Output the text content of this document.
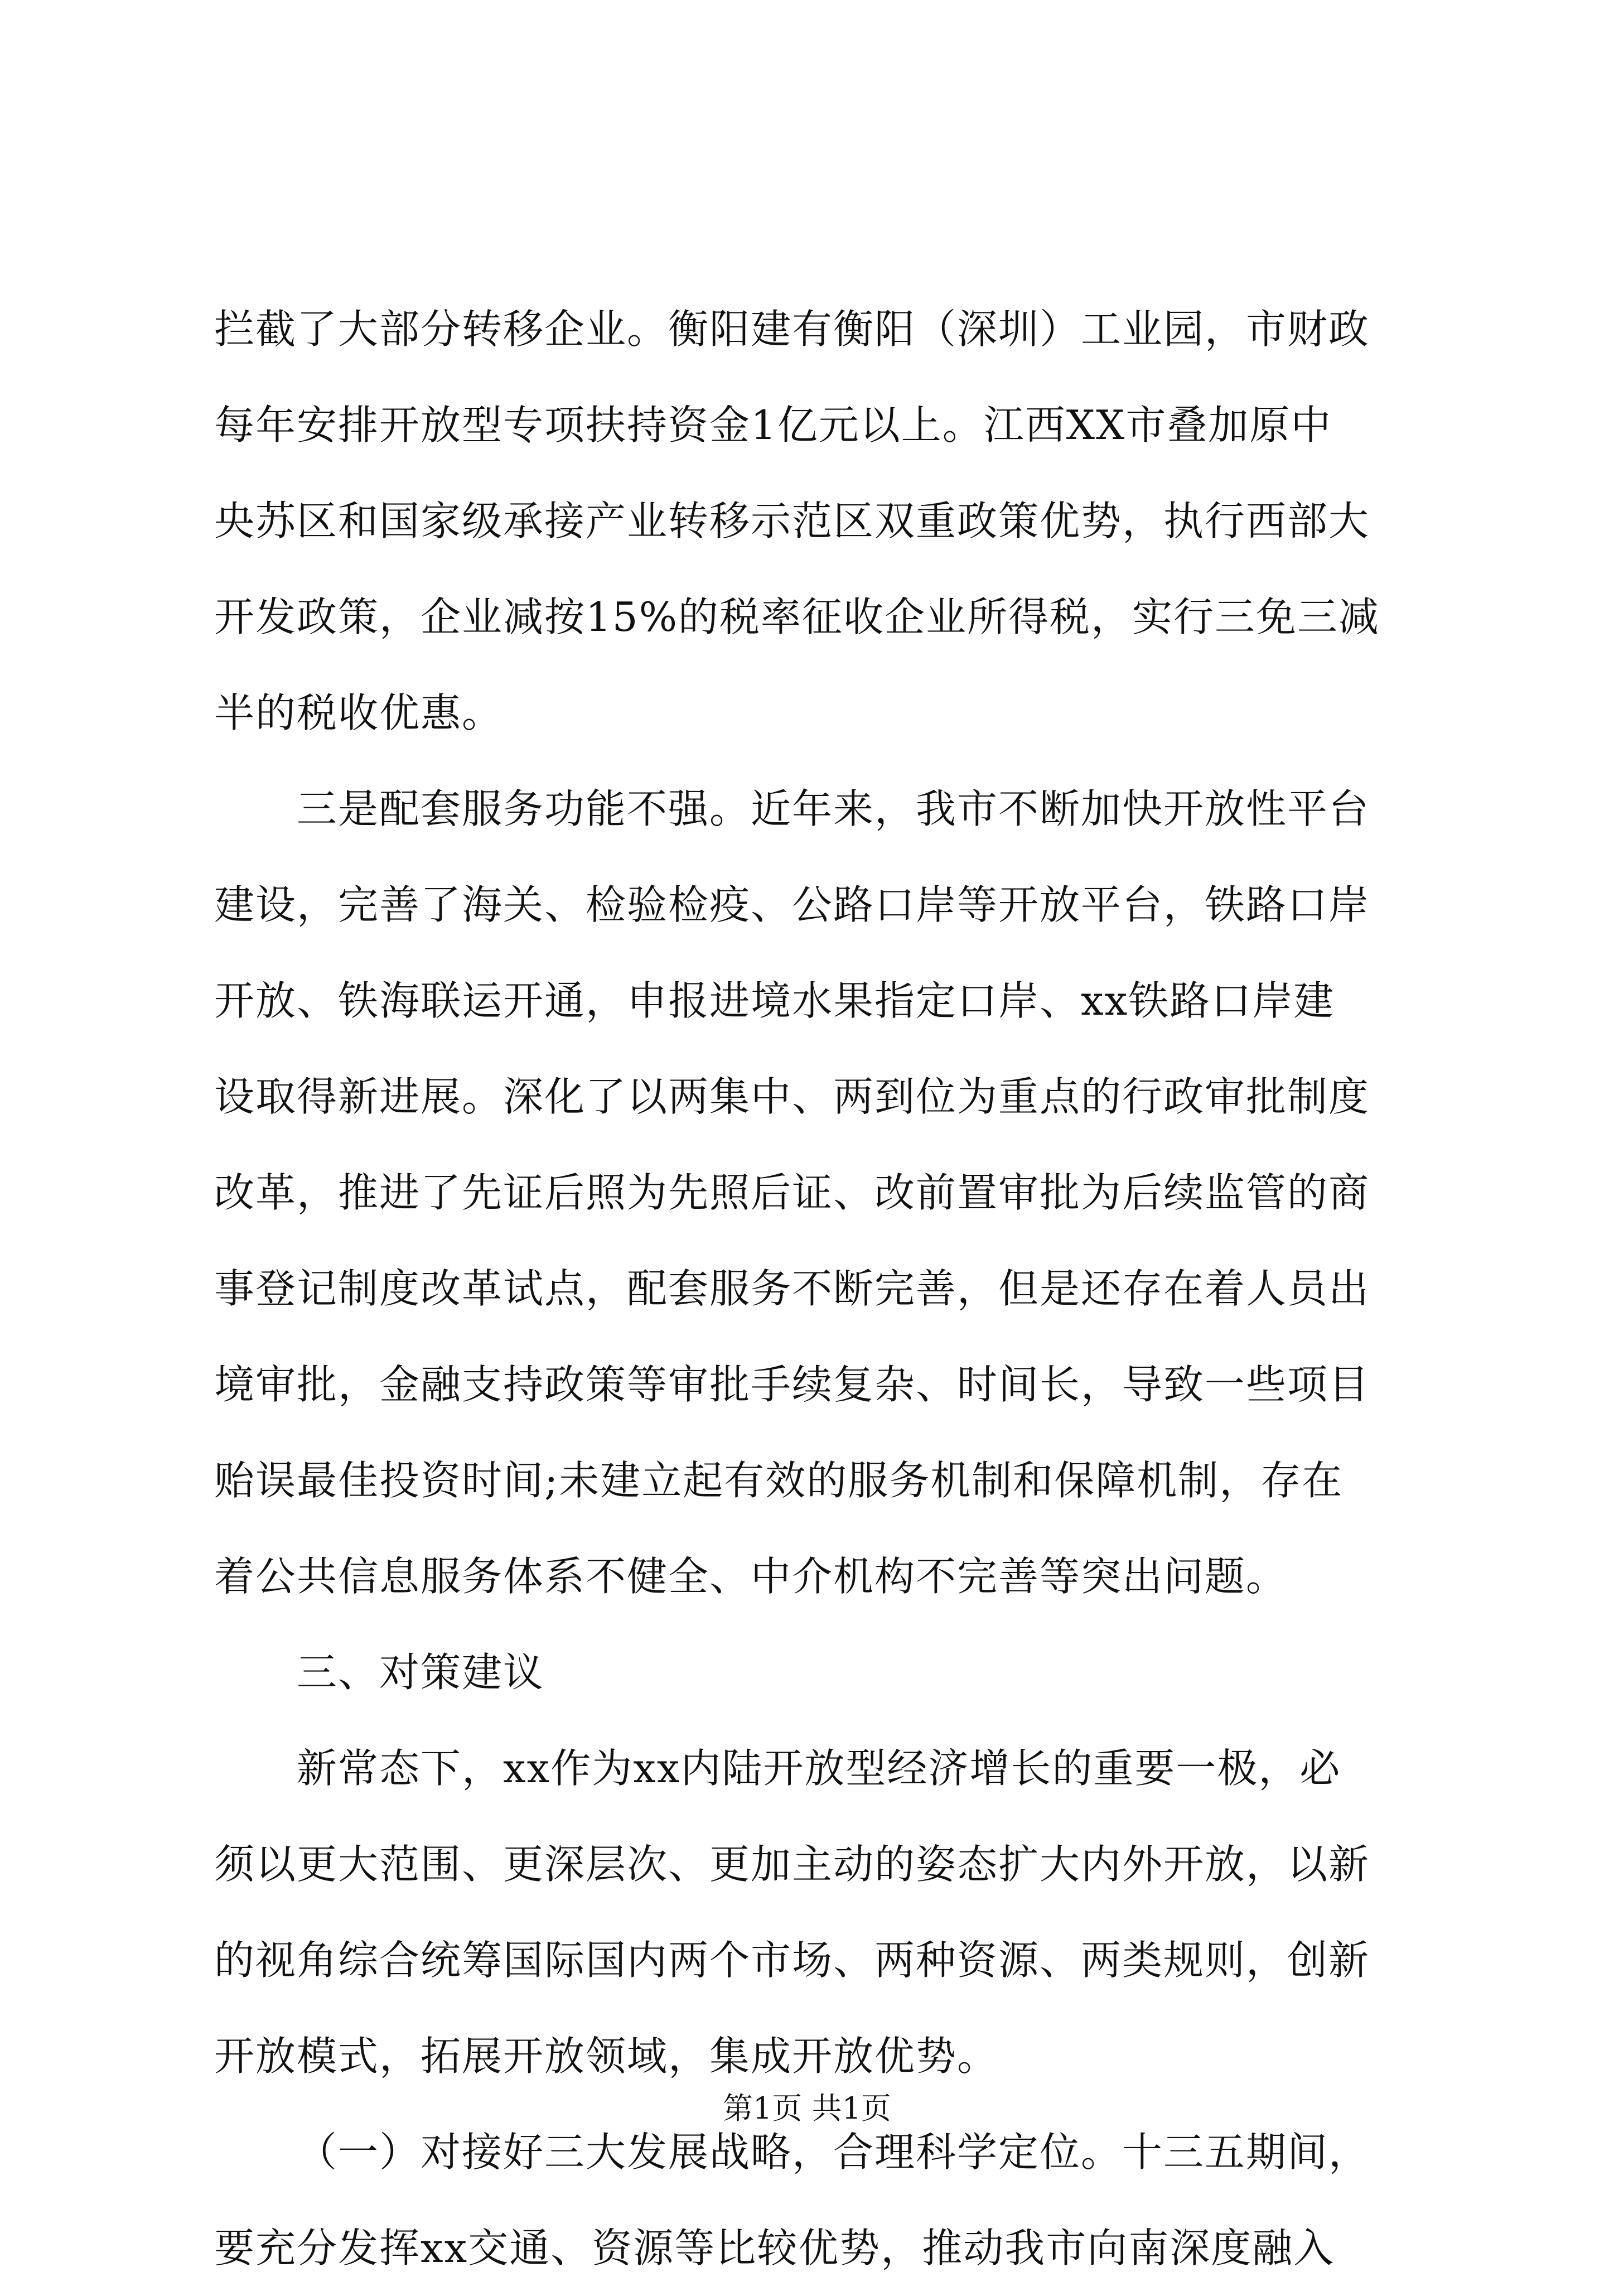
拦截了大部分转移企业。衡阳建有衡阳（深圳）工业园，市财政
每年安排开放型专项扶持资金1亿元以上。江西XX市叠加原中
央苏区和国家级承接产业转移示范区双重政策优势，执行西部大
开发政策，企业减按15%的税率征收企业所得税，实行三免三减
半的税收优惠。
三是配套服务功能不强。近年来，我市不断加快开放性平台
建设，完善了海关、检验检疫、公路口岸等开放平台，铁路口岸
开放、铁海联运开通，申报进境水果指定口岸、xx铁路口岸建
设取得新进展。深化了以两集中、两到位为重点的行政审批制度
改革，推进了先证后照为先照后证、改前置审批为后续监管的商
事登记制度改革试点，配套服务不断完善，但是还存在着人员出
境审批，金融支持政策等审批手续复杂、时间长，导致一些项目
贻误最佳投资时间;未建立起有效的服务机制和保障机制，存在
着公共信息服务体系不健全、中介机构不完善等突出问题。
三、对策建议
新常态下，xx作为xx内陆开放型经济增长的重要一极，必
须以更大范围、更深层次、更加主动的姿态扩大内外开放，以新
的视角综合统筹国际国内两个市场、两种资源、两类规则，创新
开放模式，拓展开放领域，集成开放优势。
（一）对接好三大发展战略，合理科学定位。十三五期间，
要充分发挥xx交通、资源等比较优势，推动我市向南深度融入
第1页 共1页
